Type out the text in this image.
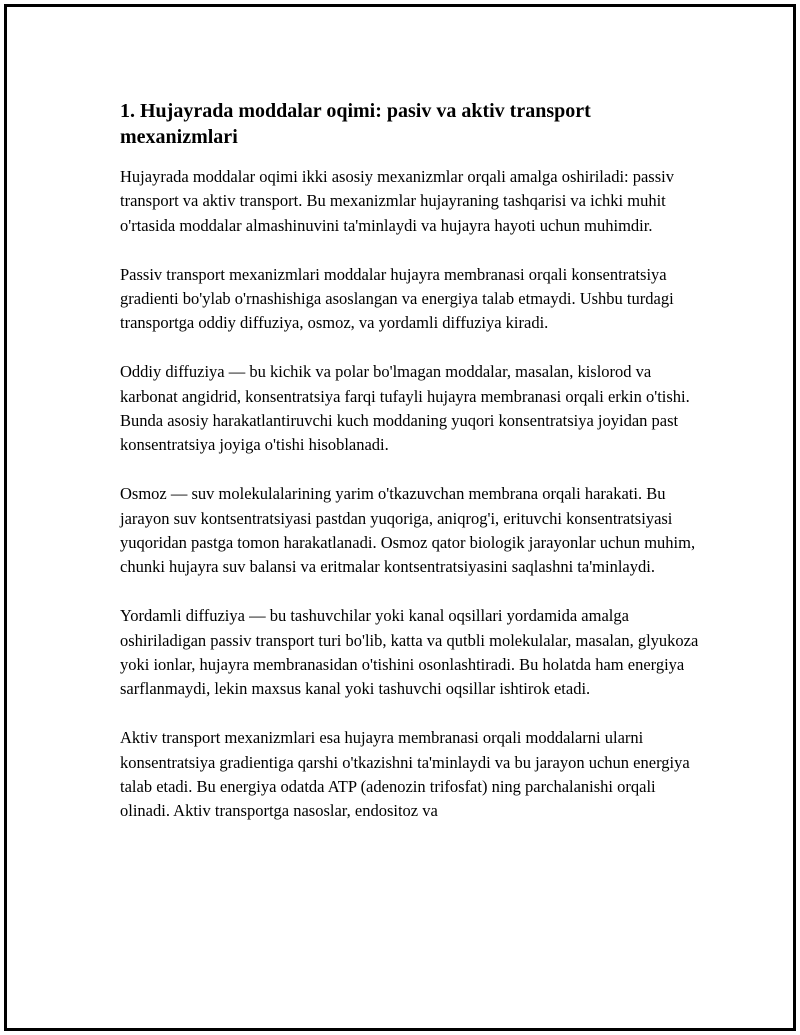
1. Hujayrada moddalar oqimi: pasiv va aktiv transport mexanizmlari

Hujayrada moddalar oqimi ikki asosiy mexanizmlar orqali amalga oshiriladi: passiv transport va aktiv transport. Bu mexanizmlar hujayraning tashqarisi va ichki muhit o'rtasida moddalar almashinuvini ta'minlaydi va hujayra hayoti uchun muhimdir.

Passiv transport mexanizmlari moddalar hujayra membranasi orqali konsentratsiya gradienti bo'ylab o'rnashishiga asoslangan va energiya talab etmaydi. Ushbu turdagi transportga oddiy diffuziya, osmoz, va yordamli diffuziya kiradi.

Oddiy diffuziya — bu kichik va polar bo'lmagan moddalar, masalan, kislorod va karbonat angidrid, konsentratsiya farqi tufayli hujayra membranasi orqali erkin o'tishi. Bunda asosiy harakatlantiruvchi kuch moddaning yuqori konsentratsiya joyidan past konsentratsiya joyiga o'tishi hisoblanadi.

Osmoz — suv molekulalarining yarim o'tkazuvchan membrana orqali harakati. Bu jarayon suv kontsentratsiyasi pastdan yuqoriga, aniqrog'i, erituvchi konsentratsiyasi yuqoridan pastga tomon harakatlanadi. Osmoz qator biologik jarayonlar uchun muhim, chunki hujayra suv balansi va eritmalar kontsentratsiyasini saqlashni ta'minlaydi.

Yordamli diffuziya — bu tashuvchilar yoki kanal oqsillari yordamida amalga oshiriladigan passiv transport turi bo'lib, katta va qutbli molekulalar, masalan, glyukoza yoki ionlar, hujayra membranasidan o'tishini osonlashtiradi. Bu holatda ham energiya sarflanmaydi, lekin maxsus kanal yoki tashuvchi oqsillar ishtirok etadi.

Aktiv transport mexanizmlari esa hujayra membranasi orqali moddalarni ularni konsentratsiya gradientiga qarshi o'tkazishni ta'minlaydi va bu jarayon uchun energiya talab etadi. Bu energiya odatda ATP (adenozin trifosfat) ning parchalanishi orqali olinadi. Aktiv transportga nasoslar, endositoz va
